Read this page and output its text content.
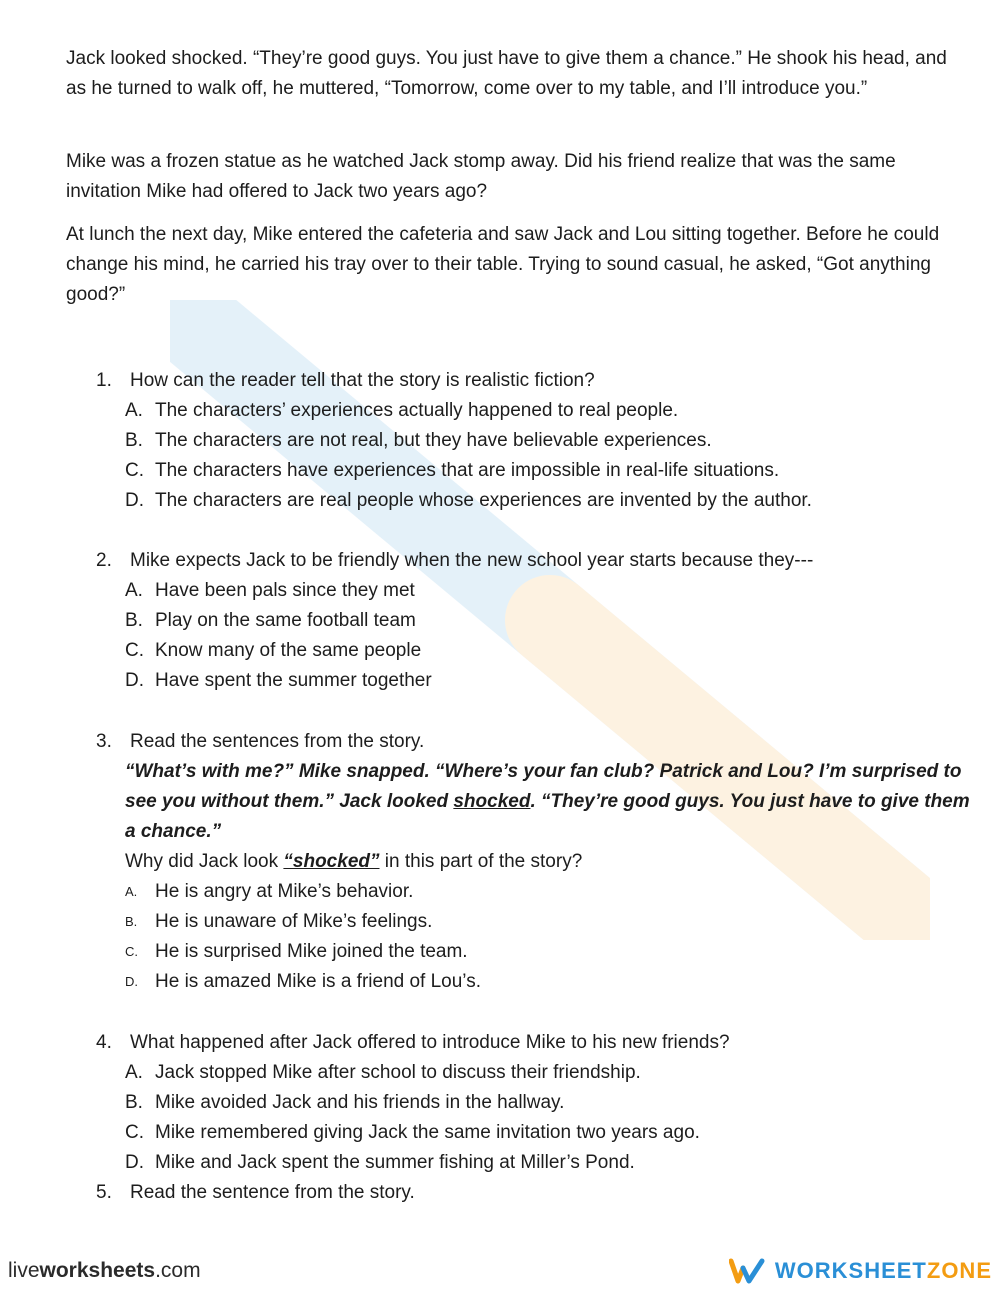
Jack looked shocked. “They’re good guys. You just have to give them a chance.” He shook his head, and as he turned to walk off, he muttered, “Tomorrow, come over to my table, and I’ll introduce you.”

Mike was a frozen statue as he watched Jack stomp away. Did his friend realize that was the same invitation Mike had offered to Jack two years ago?

At lunch the next day, Mike entered the cafeteria and saw Jack and Lou sitting together. Before he could change his mind, he carried his tray over to their table. Trying to sound casual, he asked, “Got anything good?”

1. How can the reader tell that the story is realistic fiction?
A. The characters’ experiences actually happened to real people.
B. The characters are not real, but they have believable experiences.
C. The characters have experiences that are impossible in real-life situations.
D. The characters are real people whose experiences are invented by the author.
2. Mike expects Jack to be friendly when the new school year starts because they---
A. Have been pals since they met
B. Play on the same football team
C. Know many of the same people
D. Have spent the summer together
3. Read the sentences from the story.
“What’s with me?” Mike snapped. “Where’s your fan club? Patrick and Lou? I’m surprised to see you without them.” Jack looked shocked. “They’re good guys. You just have to give them a chance.”
Why did Jack look “shocked” in this part of the story?
A. He is angry at Mike’s behavior.
B. He is unaware of Mike’s feelings.
C. He is surprised Mike joined the team.
D. He is amazed Mike is a friend of Lou’s.
4. What happened after Jack offered to introduce Mike to his new friends?
A. Jack stopped Mike after school to discuss their friendship.
B. Mike avoided Jack and his friends in the hallway.
C. Mike remembered giving Jack the same invitation two years ago.
D. Mike and Jack spent the summer fishing at Miller’s Pond.
5. Read the sentence from the story.
liveworksheets.com	WORKSHEETZONE
